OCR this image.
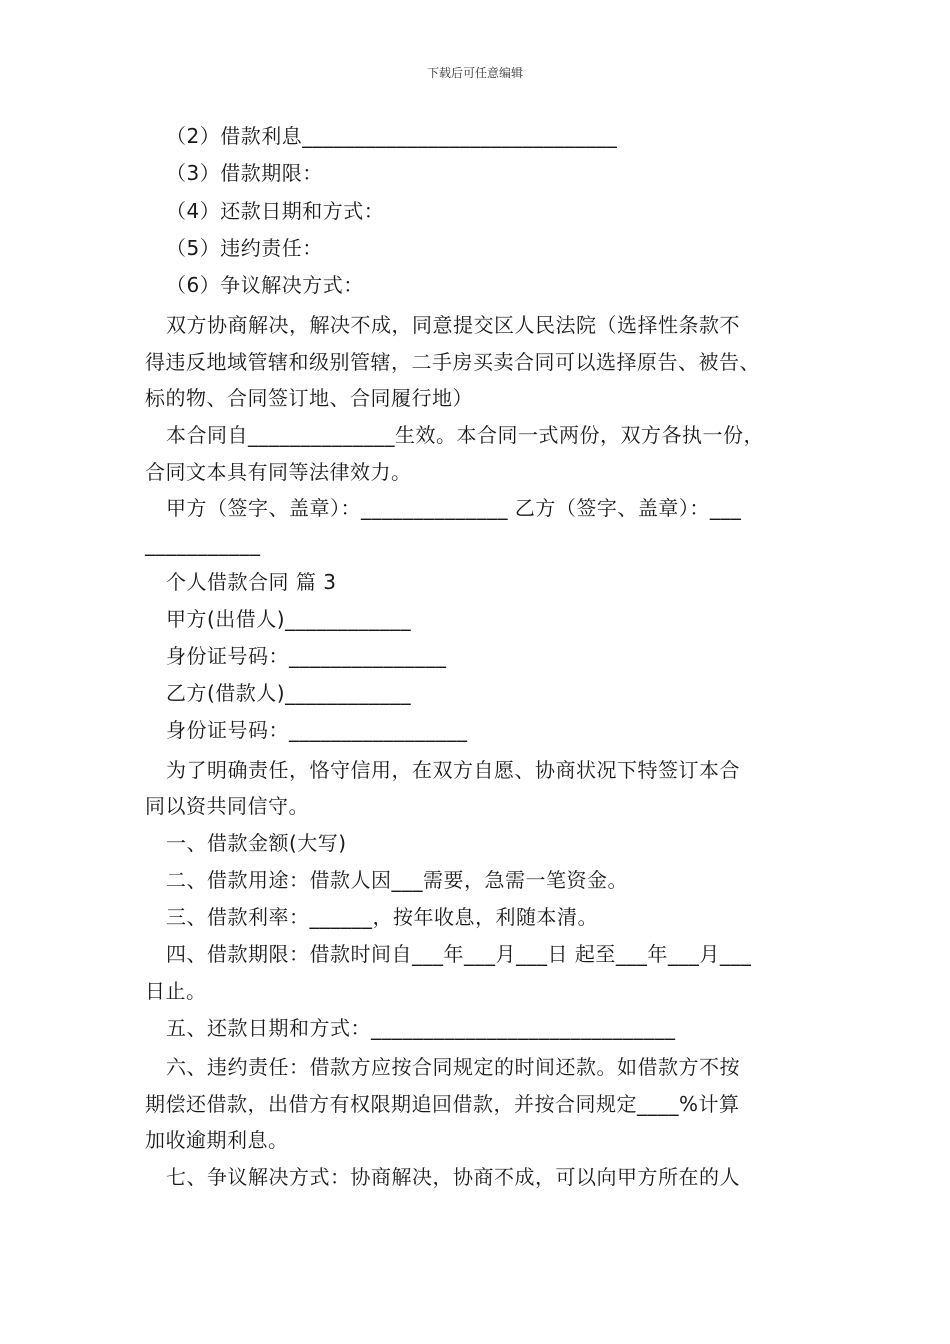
下载后可任意编辑
（2）借款利息______________________________
（3）借款期限：
（4）还款日期和方式：
（5）违约责任：
（6）争议解决方式：
双方协商解决，解决不成，同意提交区人民法院（选择性条款不
得违反地域管辖和级别管辖，二手房买卖合同可以选择原告、被告、
标的物、合同签订地、合同履行地）
本合同自______________生效。本合同一式两份，双方各执一份，
合同文本具有同等法律效力。
甲方（签字、盖章）：______________ 乙方（签字、盖章）：___
___________
个人借款合同 篇 3
甲方(出借人)____________
身份证号码：_______________
乙方(借款人)____________
身份证号码：_________________
为了明确责任，恪守信用，在双方自愿、协商状况下特签订本合
同以资共同信守。
一、借款金额(大写)
二、借款用途：借款人因___需要，急需一笔资金。
三、借款利率：______，按年收息，利随本清。
四、借款期限：借款时间自___年___月___日 起至___年___月___
日止。
五、还款日期和方式：_____________________________
六、违约责任：借款方应按合同规定的时间还款。如借款方不按
期偿还借款，出借方有权限期追回借款，并按合同规定____%计算
加收逾期利息。
七、争议解决方式：协商解决，协商不成，可以向甲方所在的人
